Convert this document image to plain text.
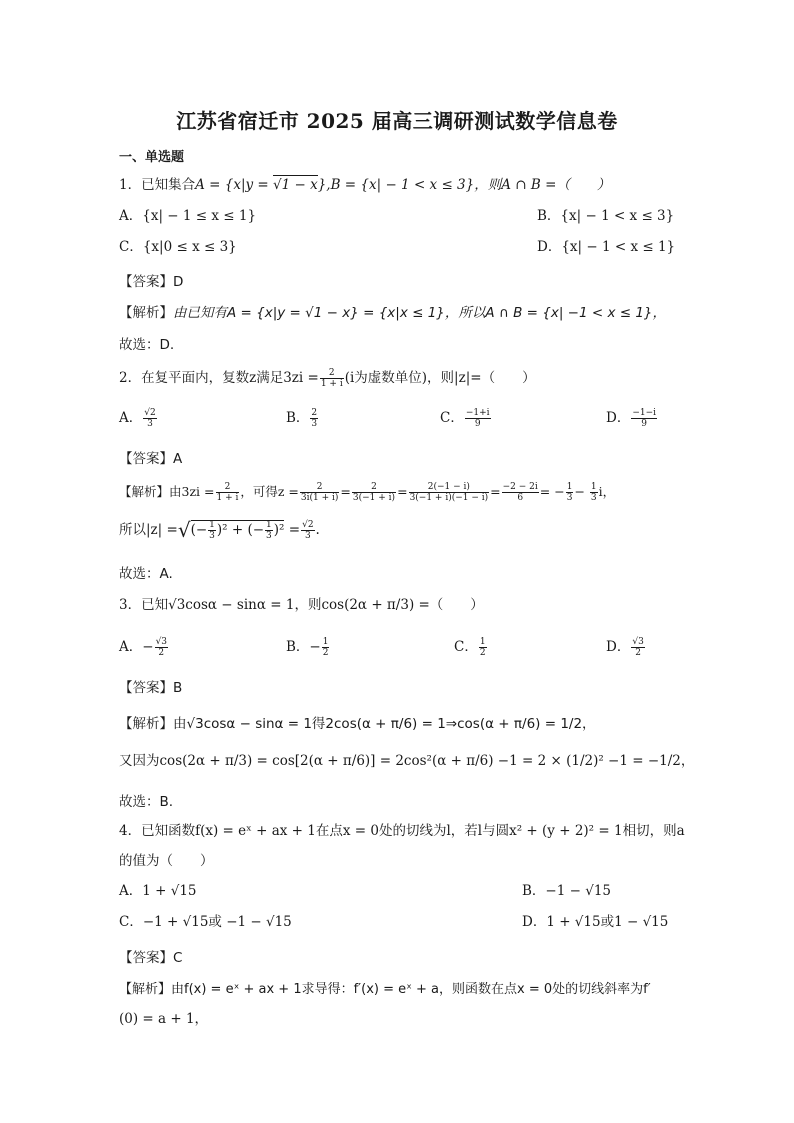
江苏省宿迁市 2025 届高三调研测试数学信息卷
一、单选题
1．已知集合A = {x|y = √1 − x},B = {x| − 1 < x ≤ 3}，则A ∩ B =（　　）
A．{x| − 1 ≤ x ≤ 1}	B．{x| − 1 < x ≤ 3}
C．{x|0 ≤ x ≤ 3}	D．{x| − 1 < x ≤ 1}
【答案】D
【解析】由已知有A = {x|y = √1 − x} = {x|x ≤ 1}，所以A ∩ B = {x| −1 < x ≤ 1}，
故选：D.
2．在复平面内，复数z满足$3zi = \frac{2}{1 + i} (i$为虚数单位)，则|z|=（　　）
A． $\frac{√2}{3}$	B． $\frac{2}{3}$	C． $\frac{-1+i}{9}$	D． $\frac{-1-i}{9}$
【答案】A
【解析】由$3zi = \frac{2}{1 + i}$ ，可得$z = \frac{2}{3i(1 + i)} = \frac{2}{3(-1 + i)} = \frac{2(-1 - i)}{3(-1 + i)(-1 - i)} = \frac{-2 - 2i}{6}$ = − $\frac{1}{3} - \frac{1}{3}$ i，
所以|z| =√(− $\frac{1}{3} )^2$ + (− $\frac{1}{3} )^2 = \frac{√2}{3}$ .
故选：A.
3．已知√3cosα − sinα = 1，则cos(2α + π/3) =（　　）
A．− $\frac{√3}{2}$	B．− $\frac{1}{2}$	C． $\frac{1}{2}$	D． $\frac{√3}{2}$
【答案】B
【解析】由√3cosα − sinα = 1得2cos(α + π/6) = 1⇒cos(α + π/6) = 1/2，
又因为cos(2α + π/3) = cos[2(α + π/6)] = 2cos²(α + π/6) −1 = 2 × (1/2)² −1 = −1/2，
故选：B.
4．已知函数f(x) = eˣ + ax + 1在点x = 0处的切线为l，若l与圆x² + (y + 2)² = 1相切，则a
的值为（　　）
A．1 + √15	B．−1 − √15
C．−1 + √15或 −1 − √15	D．1 + √15或1 − √15
【答案】C
【解析】由f(x) = eˣ + ax + 1求导得：f′(x) = eˣ + a，则函数在点x = 0处的切线斜率为f′
(0) = a + 1，
